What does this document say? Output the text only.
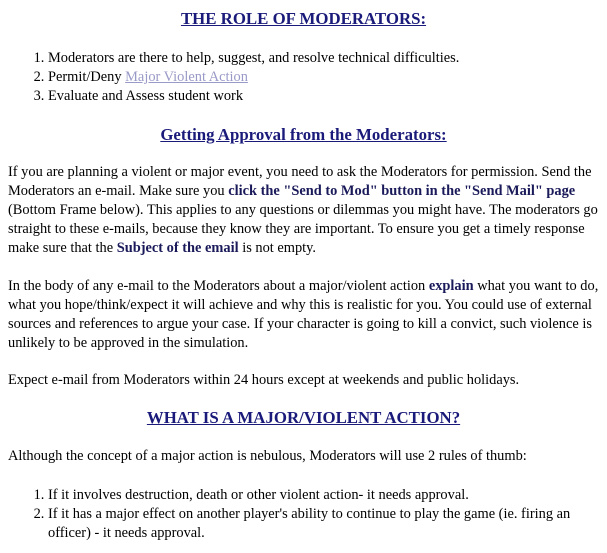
THE ROLE OF MODERATORS:
1. Moderators are there to help, suggest, and resolve technical difficulties.
2. Permit/Deny Major Violent Action
3. Evaluate and Assess student work
Getting Approval from the Moderators:

If you are planning a violent or major event, you need to ask the Moderators for permission. Send the Moderators an e-mail. Make sure you click the "Send to Mod" button in the "Send Mail" page (Bottom Frame below). This applies to any questions or dilemmas you might have. The moderators go straight to these e-mails, because they know they are important. To ensure you get a timely response make sure that the Subject of the email is not empty.

In the body of any e-mail to the Moderators about a major/violent action explain what you want to do, what you hope/think/expect it will achieve and why this is realistic for you. You could use of external sources and references to argue your case. If your character is going to kill a convict, such violence is unlikely to be approved in the simulation.

Expect e-mail from Moderators within 24 hours except at weekends and public holidays.

WHAT IS A MAJOR/VIOLENT ACTION?

Although the concept of a major action is nebulous, Moderators will use 2 rules of thumb:

1. If it involves destruction, death or other violent action- it needs approval.
2. If it has a major effect on another player's ability to continue to play the game (ie. firing an officer) - it needs approval.
